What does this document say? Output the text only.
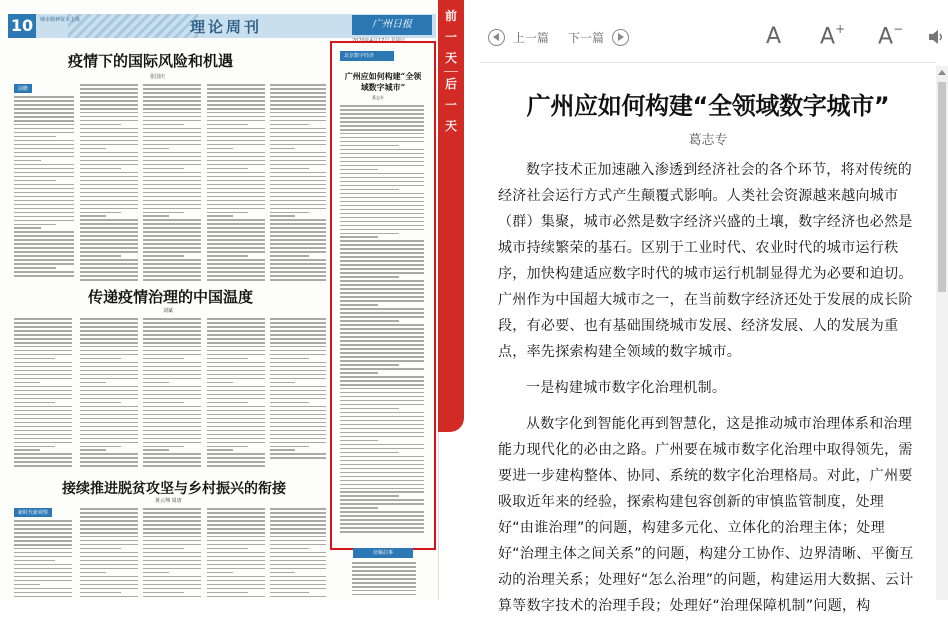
10	城市精神资本主体	理论周刊	广州日报
疫情下的国际风险和机遇
张国庆
前瞻
传递疫情治理的中国温度
刘斌
接续推进脱贫攻坚与乡村振兴的衔接
黄云翔 周唐
新时代新观察
北京数字经济
广州应如何构建“全领域数字城市”
葛志专
征稿启事
前
一
天
后
一
天
上一篇 下一篇	A A+ A−
广州应如何构建“全领域数字城市”
葛志专
数字技术正加速融入渗透到经济社会的各个环节，将对传统的经济社会运行方式产生颠覆式影响。人类社会资源越来越向城市（群）集聚，城市必然是数字经济兴盛的土壤，数字经济也必然是城市持续繁荣的基石。区别于工业时代、农业时代的城市运行秩序，加快构建适应数字时代的城市运行机制显得尤为必要和迫切。广州作为中国超大城市之一，在当前数字经济还处于发展的成长阶段，有必要、也有基础围绕城市发展、经济发展、人的发展为重点，率先探索构建全领域的数字城市。
一是构建城市数字化治理机制。
从数字化到智能化再到智慧化，这是推动城市治理体系和治理能力现代化的必由之路。广州要在城市数字化治理中取得领先，需要进一步建构整体、协同、系统的数字化治理格局。对此，广州要吸取近年来的经验，探索构建包容创新的审慎监管制度，处理好“由谁治理”的问题，构建多元化、立体化的治理主体；处理好“治理主体之间关系”的问题，构建分工协作、边界清晰、平衡互动的治理关系；处理好“怎么治理”的问题，构建运用大数据、云计算等数字技术的治理手段；处理好“治理保障机制”问题，构
